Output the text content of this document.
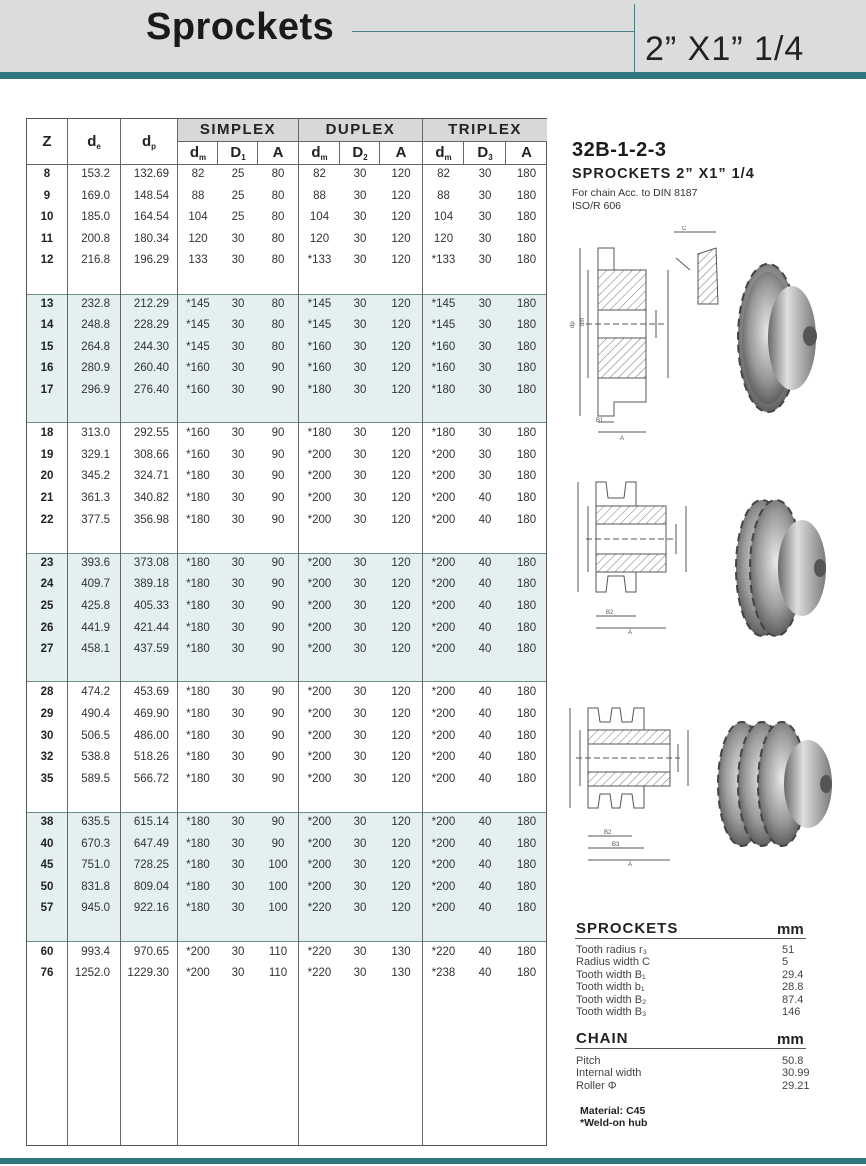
Sprockets
2” X1” 1/4
Z	$d_e$	$d_p$
SIMPLEX	DUPLEX	TRIPLEX
$d_m$	$D_1$	A	$d_m$	$D_2$	A	$d_m$	$D_3$	A
8	153.2	132.69	82	25	80	82	30	120	82	30	180
9	169.0	148.54	88	25	80	88	30	120	88	30	180
10	185.0	164.54	104	25	80	104	30	120	104	30	180
11	200.8	180.34	120	30	80	120	30	120	120	30	180
12	216.8	196.29	133	30	80	*133	30	120	*133	30	180
13	232.8	212.29	*145	30	80	*145	30	120	*145	30	180
14	248.8	228.29	*145	30	80	*145	30	120	*145	30	180
15	264.8	244.30	*145	30	80	*160	30	120	*160	30	180
16	280.9	260.40	*160	30	90	*160	30	120	*160	30	180
17	296.9	276.40	*160	30	90	*180	30	120	*180	30	180
18	313.0	292.55	*160	30	90	*180	30	120	*180	30	180
19	329.1	308.66	*160	30	90	*200	30	120	*200	30	180
20	345.2	324.71	*180	30	90	*200	30	120	*200	30	180
21	361.3	340.82	*180	30	90	*200	30	120	*200	40	180
22	377.5	356.98	*180	30	90	*200	30	120	*200	40	180
23	393.6	373.08	*180	30	90	*200	30	120	*200	40	180
24	409.7	389.18	*180	30	90	*200	30	120	*200	40	180
25	425.8	405.33	*180	30	90	*200	30	120	*200	40	180
26	441.9	421.44	*180	30	90	*200	30	120	*200	40	180
27	458.1	437.59	*180	30	90	*200	30	120	*200	40	180
28	474.2	453.69	*180	30	90	*200	30	120	*200	40	180
29	490.4	469.90	*180	30	90	*200	30	120	*200	40	180
30	506.5	486.00	*180	30	90	*200	30	120	*200	40	180
32	538.8	518.26	*180	30	90	*200	30	120	*200	40	180
35	589.5	566.72	*180	30	90	*200	30	120	*200	40	180
38	635.5	615.14	*180	30	90	*200	30	120	*200	40	180
40	670.3	647.49	*180	30	90	*200	30	120	*200	40	180
45	751.0	728.25	*180	30	100	*200	30	120	*200	40	180
50	831.8	809.04	*180	30	100	*200	30	120	*200	40	180
57	945.0	922.16	*180	30	100	*220	30	120	*200	40	180
60	993.4	970.65	*200	30	110	*220	30	130	*220	40	180
76	1252.0	1229.30	*200	30	110	*220	30	130	*238	40	180
32B-1-2-3
SPROCKETS 2” X1” 1/4
For chain Acc. to DIN 8187
ISO/R 606
dp dm
B1
A
C
B2
A
B2
B3
A
SPROCKETS	mm
Tooth radius r₃	51
Radius width C	5
Tooth width B₁	29.4
Tooth width b₁	28.8
Tooth width B₂	87.4
Tooth width B₃	146
CHAIN	mm
Pitch	50.8
Internal width	30.99
Roller Φ	29.21
Material: C45
*Weld-on hub
